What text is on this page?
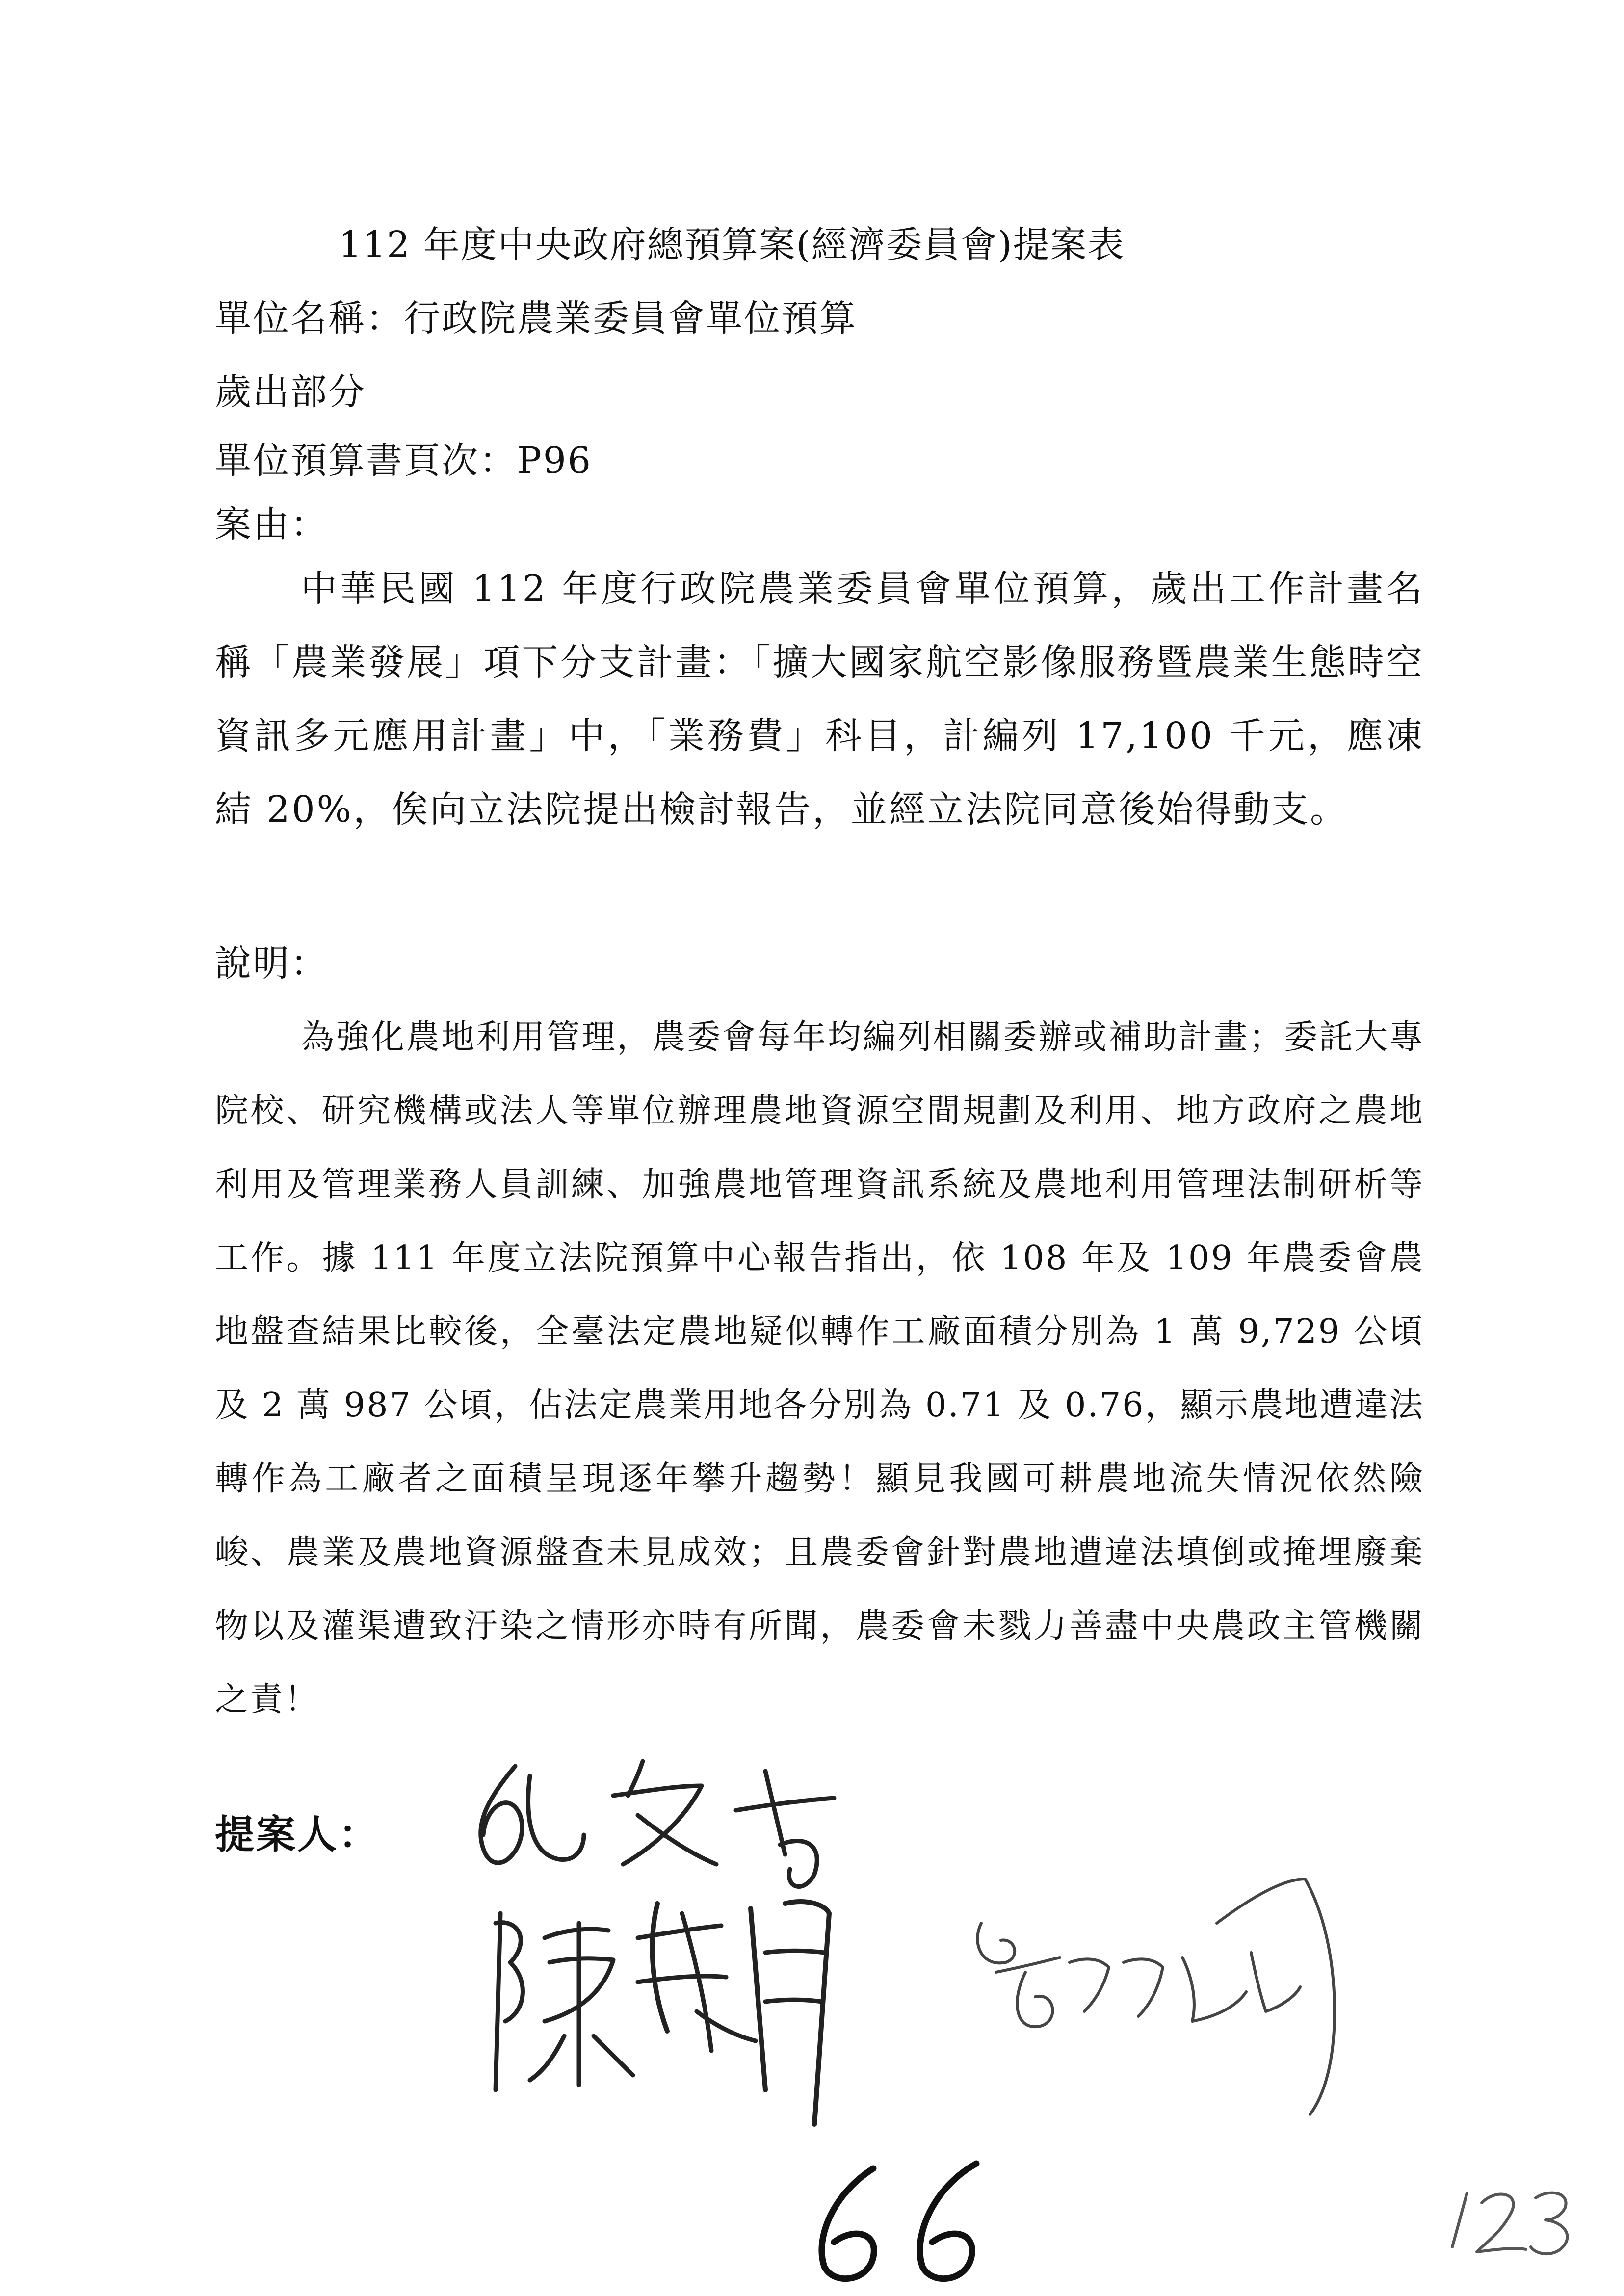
112 年度中央政府總預算案(經濟委員會)提案表
單位名稱：行政院農業委員會單位預算
歲出部分
單位預算書頁次：P96
案由：
中華民國 112 年度行政院農業委員會單位預算，歲出工作計畫名稱「農業發展」項下分支計畫：「擴大國家航空影像服務暨農業生態時空資訊多元應用計畫」中，「業務費」科目，計編列 17,100 千元，應凍結 20%，俟向立法院提出檢討報告，並經立法院同意後始得動支。
說明：
為強化農地利用管理，農委會每年均編列相關委辦或補助計畫；委託大專院校、研究機構或法人等單位辦理農地資源空間規劃及利用、地方政府之農地利用及管理業務人員訓練、加強農地管理資訊系統及農地利用管理法制研析等工作。據 111 年度立法院預算中心報告指出，依 108 年及 109 年農委會農地盤查結果比較後，全臺法定農地疑似轉作工廠面積分別為 1 萬 9,729 公頃及 2 萬 987 公頃，佔法定農業用地各分別為 0.71 及 0.76，顯示農地遭違法轉作為工廠者之面積呈現逐年攀升趨勢！顯見我國可耕農地流失情況依然險峻、農業及農地資源盤查未見成效；且農委會針對農地遭違法填倒或掩埋廢棄物以及灌渠遭致汙染之情形亦時有所聞，農委會未戮力善盡中央農政主管機關之責！
提案人：
